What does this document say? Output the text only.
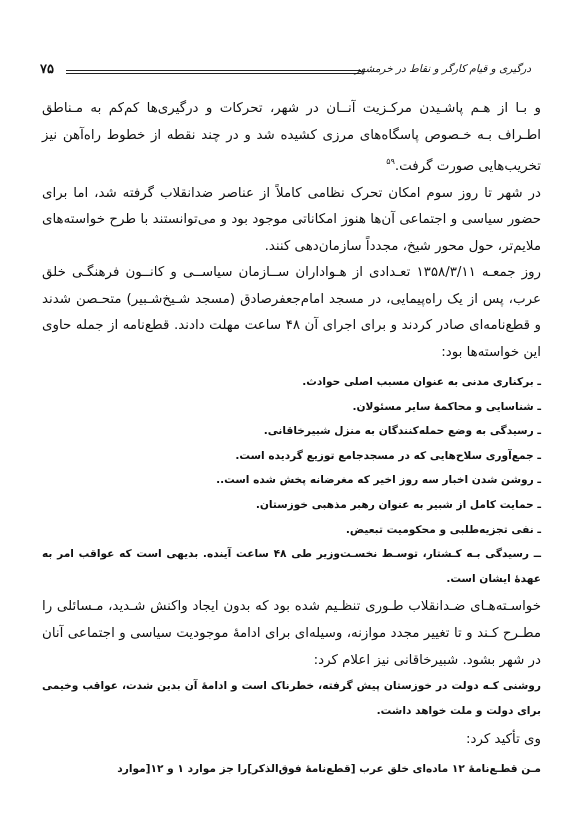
۷۵	درگیری و قیام کارگر و نقاط در خرمشهر

و بـا از هـم پاشـیدن مرکـزیت آنــان در شهر، تحرکات و درگیری‌ها کم‌کم به مـناطق اطـراف بـه خـصوص پاسگاه‌های مرزی کشیده شد و در چند نقطه از خطوط راه‌آهن نیز تخریب‌هایی صورت گرفت.$^{۵۹}$

در شهر تا روز سوم امکان تحرک نظامی کاملاً از عناصر ضدانقلاب گرفته شد، اما برای حضور سیاسی و اجتماعی آن‌ها هنوز امکاناتی موجود بود و می‌توانستند با طرح خواسته‌های ملایم‌تر، حول محور شیخ، مجدداً سازمان‌دهی کنند.

روز جمعـه ۱۳۵۸/۳/۱۱ تعـدادی از هـواداران ســازمان سیاســی و کانــون فرهنگـی خلق عرب، پس از یک راه‌پیمایی، در مسجد امام‌جعفرصادق (مسجد شـیخ‌شـبیر) متحـصن شدند و قطع‌نامه‌ای صادر کردند و برای اجرای آن ۴۸ ساعت مهلت دادند. قطع‌نامه از جمله حاوی این خواسته‌ها بود:

ـ برکناری مدنی به عنوان مسبب اصلی حوادث.
ـ شناسایی و محاکمهٔ سایر مسئولان.
ـ رسیدگی به وضع حمله‌کنندگان به منزل شبیرخاقانی.
ـ جمع‌آوری سلاح‌هایی که در مسجدجامع توزیع گردیده است.
ـ روشن شدن اخبار سه روز اخیر که مغرضانه پخش شده است..
ـ حمایت کامل از شبیر به عنوان رهبر مذهبی خوزستان.
ـ نفی تجزیه‌طلبی و محکومیت تبعیض.
ــ رسیدگی بـه کـشتار، توسـط نخسـت‌وزیر طی ۴۸ ساعت آینده. بدیهی است که عواقب امر به عهدهٔ ایشان است.

خواسـته‌هـای ضـدانقلاب طـوری تنظـیم شده بود که بدون ایجاد واکنش شـدید، مـسائلی را مطـرح کـند و تا تغییر مجدد موازنه، وسیله‌ای برای ادامهٔ موجودیت سیاسی و اجتماعی آنان در شهر بشود. شبیرخاقانی نیز اعلام کرد:

روشنی کـه دولت در خوزستان پیش گرفته، خطرناک است و ادامهٔ آن بدین شدت، عواقب وخیمی برای دولت و ملت خواهد داشت.

وی تأکید کرد:

مـن قطـع‌نامهٔ ۱۲ ماده‌ای خلق عرب [قطع‌نامهٔ فوق‌الذکر]را جز موارد ۱ و ۱۲[موارد
